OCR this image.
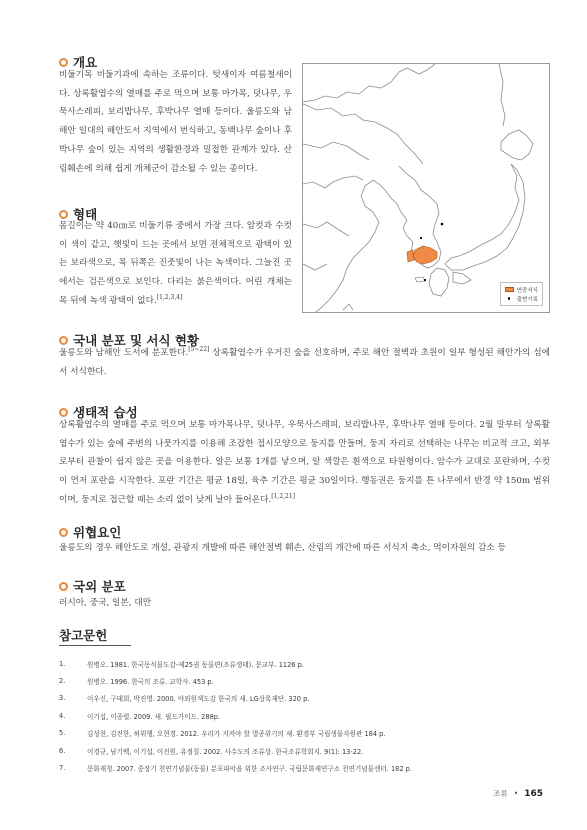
개요
비둘기목 비둘기과에 속하는 조류이다. 텃새이자 여름철새이다. 상록활엽수의 열매를 주로 먹으며 보통 마가목, 덧나무, 우묵사스레피, 보리밥나무, 후박나무 열매 등이다. 울릉도와 남해안 일대의 해안도서 지역에서 번식하고, 동백나무 숲이나 후박나무 숲이 있는 지역의 생활환경과 밀접한 관계가 있다. 산림훼손에 의해 쉽게 개체군이 감소될 수 있는 종이다.
형태
몸길이는 약 40㎝로 비둘기류 중에서 가장 크다. 암컷과 수컷이 색이 같고, 햇빛이 드는 곳에서 보면 전체적으로 광택이 있는 보라색으로, 목 뒤쪽은 진줏빛이 나는 녹색이다. 그늘진 곳에서는 검은색으로 보인다. 다리는 붉은색이다. 어린 개체는 목 뒤에 녹색 광택이 없다.[1,2,3,4]
연중서식
출현기록
국내 분포 및 서식 현황
울릉도와 남해안 도서에 분포한다.[5~22] 상록활엽수가 우거진 숲을 선호하며, 주로 해안 절벽과 초원이 일부 형성된 해안가의 섬에서 서식한다.
생태적 습성
상록활엽수의 열매를 주로 먹으며 보통 마가목나무, 덧나무, 우묵사스레피, 보리밥나무, 후박나무 열매 등이다. 2월 말부터 상록활엽수가 있는 숲에 주변의 나뭇가지를 이용해 조잡한 접시모양으로 둥지를 만들며, 둥지 자리로 선택하는 나무는 비교적 크고, 외부로부터 관찰이 쉽지 않은 곳을 이용한다. 알은 보통 1개를 낳으며, 알 색깔은 흰색으로 타원형이다. 암수가 교대로 포란하며, 수컷이 먼저 포란을 시작한다. 포란 기간은 평균 18일, 육추 기간은 평균 30일이다. 행동권은 둥지를 튼 나무에서 반경 약 150m 범위이며, 둥지로 접근할 때는 소리 없이 낮게 날아 들어온다.[1,2,21]
위협요인
울릉도의 경우 해안도로 개설, 관광지 개발에 따른 해안절벽 훼손, 산림의 개간에 따른 서식지 축소, 먹이자원의 감소 등
국외 분포
러시아, 중국, 일본, 대만
참고문헌
1.	원병오. 1981. 한국동식물도감-제25권 동물편(조류생태). 문교부. 1126 p.
2.	원병오. 1996. 한국의 조류. 교학사. 453 p.
3.	이우신, 구태회, 박진영. 2000. 야외원색도감 한국의 새. LG상록재단. 320 p.
4.	이기섭, 이종렬. 2009. 새. 필드가이드. 288p.
5.	김성현, 김진한, 허위행, 오현경. 2012. 우리가 지켜야 할 멸종위기의 새. 환경부 국립생물자원관 184 p.
6.	이경규, 남기백, 이기섭, 이진원, 유정칠. 2002. 사수도의 조류상. 한국조류학회지. 9(1): 13-22.
7.	문화재청. 2007. 중장기 천연기념물(동물) 분포파악을 위한 조사연구. 국립문화재연구소 천연기념물센터. 182 p.
조류 • 165
